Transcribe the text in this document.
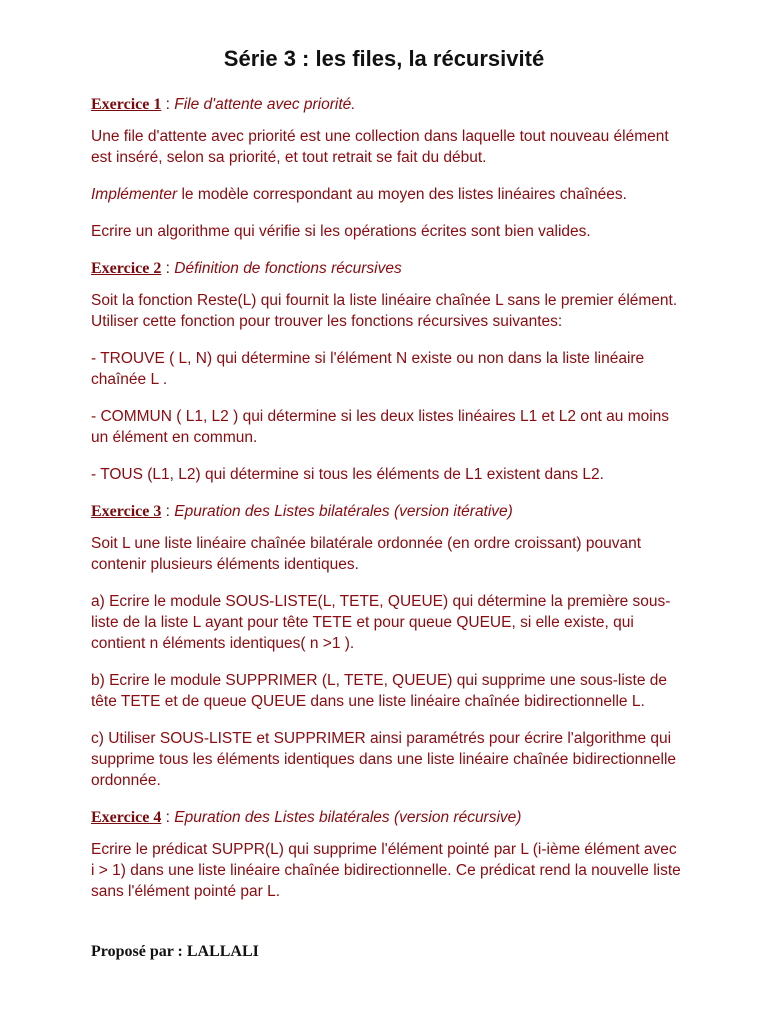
Série 3 : les files, la récursivité
Exercice 1 : File d'attente avec priorité.

Une file d'attente avec priorité est une collection dans laquelle tout nouveau élément est inséré, selon sa priorité, et tout retrait se fait du début.

Implémenter le modèle correspondant au moyen des listes linéaires chaînées.

Ecrire un algorithme qui vérifie si les opérations écrites sont bien valides.

Exercice 2 : Définition de fonctions récursives

Soit la fonction Reste(L) qui fournit la liste linéaire chaînée L sans le premier élément. Utiliser cette fonction pour trouver les fonctions récursives suivantes:

- TROUVE ( L, N) qui détermine si l'élément N existe ou non dans la liste linéaire chaînée L .

- COMMUN ( L1, L2 ) qui détermine si les deux listes linéaires L1 et L2 ont au moins un élément en commun.

- TOUS (L1, L2) qui détermine si tous les éléments de L1 existent dans L2.

Exercice 3 : Epuration des Listes bilatérales (version itérative)

Soit L une liste linéaire chaînée bilatérale ordonnée (en ordre croissant) pouvant contenir plusieurs éléments identiques.

a) Ecrire le module SOUS-LISTE(L, TETE, QUEUE) qui détermine la première sous-liste de la liste L ayant pour tête TETE et pour queue QUEUE, si elle existe, qui contient n éléments identiques( n >1 ).

b) Ecrire le module SUPPRIMER (L, TETE, QUEUE) qui supprime une sous-liste de tête TETE et de queue QUEUE dans une liste linéaire chaînée bidirectionnelle L.

c) Utiliser SOUS-LISTE et SUPPRIMER ainsi paramétrés pour écrire l'algorithme qui supprime tous les éléments identiques dans une liste linéaire chaînée bidirectionnelle ordonnée.

Exercice 4 : Epuration des Listes bilatérales (version récursive)

Ecrire le prédicat SUPPR(L) qui supprime l'élément pointé par L (i-ième élément avec i > 1) dans une liste linéaire chaînée bidirectionnelle. Ce prédicat rend la nouvelle liste sans l'élément pointé par L.

Proposé par : LALLALI
